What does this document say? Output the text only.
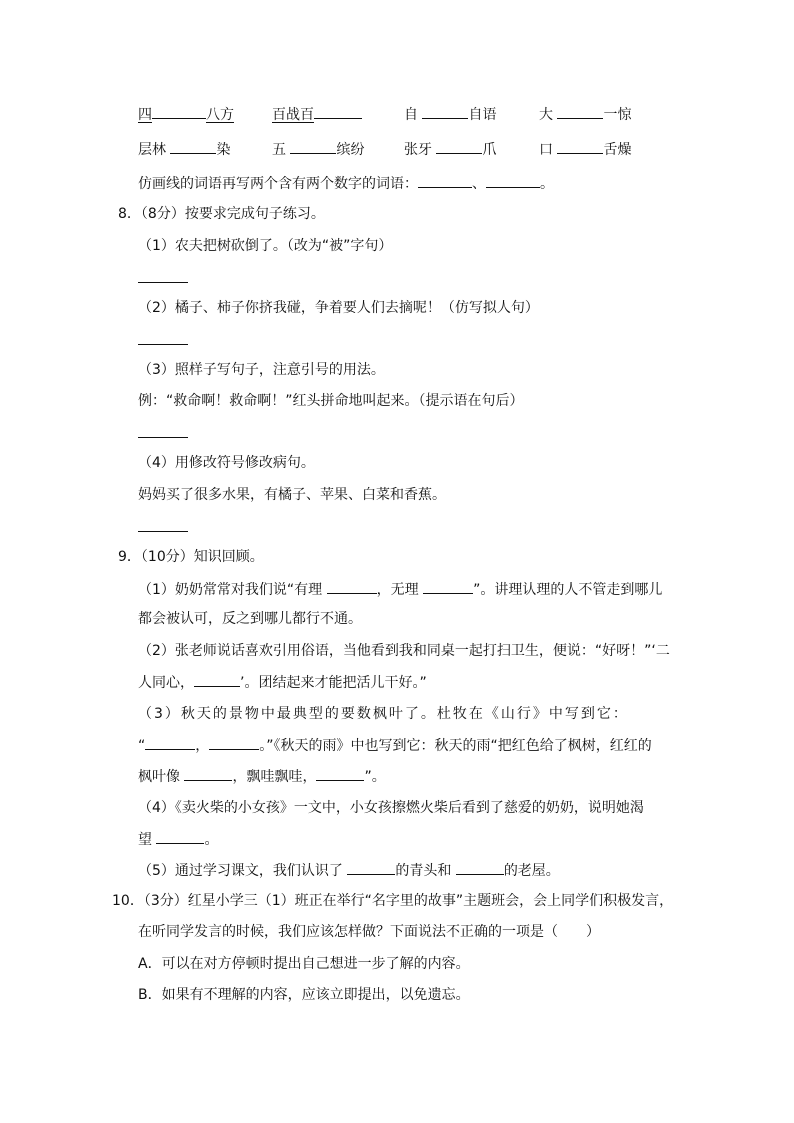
四	八方	百战百	自	自语	大	一惊
层林	染	五	缤纷	张牙	爪	口	舌燥
仿画线的词语再写两个含有两个数字的词语：	、	。
8．（8分）按要求完成句子练习。
（1）农夫把树砍倒了。（改为“被”字句）
（2）橘子、柿子你挤我碰，争着要人们去摘呢！（仿写拟人句）
（3）照样子写句子，注意引号的用法。
例：“救命啊！救命啊！”红头拼命地叫起来。（提示语在句后）
（4）用修改符号修改病句。
妈妈买了很多水果，有橘子、苹果、白菜和香蕉。
9．（10分）知识回顾。
（1）奶奶常常对我们说“有理	，无理	”。讲理认理的人不管走到哪儿
都会被认可，反之到哪儿都行不通。
（2）张老师说话喜欢引用俗语，当他看到我和同桌一起打扫卫生，便说：“好呀！”‘二
人同心，	’。团结起来才能把活儿干好。”
（3）秋天的景物中最典型的要数枫叶了。杜牧在《山行》中写到它：
“	，	。”《秋天的雨》中也写到它：秋天的雨“把红色给了枫树，红红的
枫叶像	，飘哇飘哇，	”。
（4）《卖火柴的小女孩》一文中，小女孩擦燃火柴后看到了慈爱的奶奶，说明她渴
望	。
（5）通过学习课文，我们认识了	的青头和	的老屋。
10．（3分）红星小学三（1）班正在举行“名字里的故事”主题班会，会上同学们积极发言，
在听同学发言的时候，我们应该怎样做？下面说法不正确的一项是（　　）
A．可以在对方停顿时提出自己想进一步了解的内容。
B．如果有不理解的内容，应该立即提出，以免遗忘。
